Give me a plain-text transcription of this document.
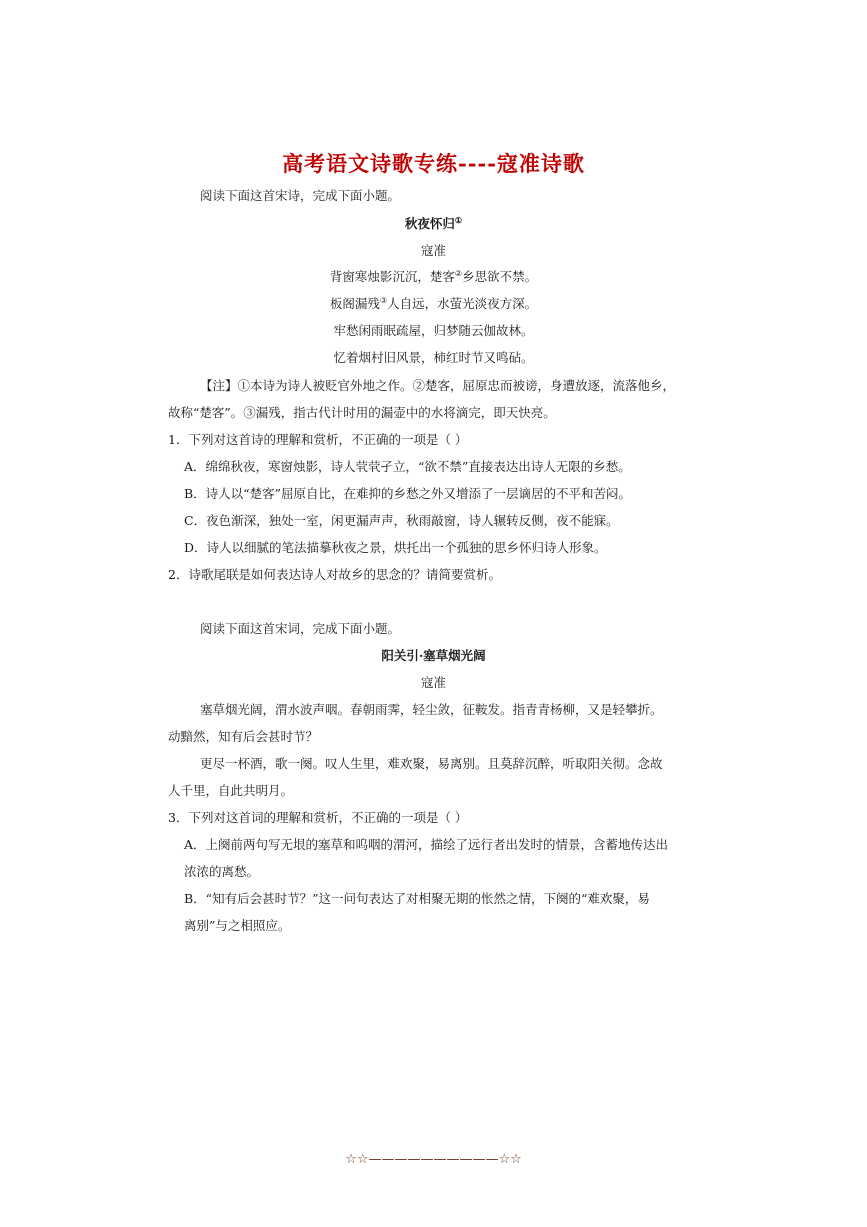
高考语文诗歌专练----寇准诗歌
阅读下面这首宋诗，完成下面小题。
秋夜怀归①
寇准
背窗寒烛影沉沉，楚客②乡思欲不禁。
板阁漏残③人自远，水萤光淡夜方深。
牢愁闲雨眠疏屋，归梦随云伽故林。
忆着烟村旧风景，柿红时节又鸣砧。
【注】①本诗为诗人被贬官外地之作。②楚客，屈原忠而被谤，身遭放逐，流落他乡，
故称“楚客”。③漏残，指古代计时用的漏壶中的水将滴完，即天快亮。
1．下列对这首诗的理解和赏析，不正确的一项是（ ）
A．绵绵秋夜，寒窗烛影，诗人茕茕孑立，“欲不禁”直接表达出诗人无限的乡愁。
B．诗人以“楚客”屈原自比，在难抑的乡愁之外又增添了一层谪居的不平和苦闷。
C．夜色渐深，独处一室，闲更漏声声，秋雨敲窗，诗人辗转反侧，夜不能寐。
D．诗人以细腻的笔法描摹秋夜之景，烘托出一个孤独的思乡怀归诗人形象。
2．诗歌尾联是如何表达诗人对故乡的思念的？请简要赏析。
阅读下面这首宋词，完成下面小题。
阳关引·塞草烟光阔
寇准
塞草烟光阔，渭水波声咽。春朝雨霁，轻尘敛，征鞍发。指青青杨柳，又是轻攀折。
动黯然，知有后会甚时节？
更尽一杯酒，歌一阕。叹人生里，难欢聚，易离别。且莫辞沉醉，听取阳关彻。念故
人千里，自此共明月。
3．下列对这首词的理解和赏析，不正确的一项是（ ）
A．上阕前两句写无垠的塞草和呜咽的渭河，描绘了远行者出发时的情景，含蓄地传达出
浓浓的离愁。
B．“知有后会甚时节？”这一问句表达了对相聚无期的怅然之情，下阕的“难欢聚，易
离别”与之相照应。
☆☆——————————☆☆
